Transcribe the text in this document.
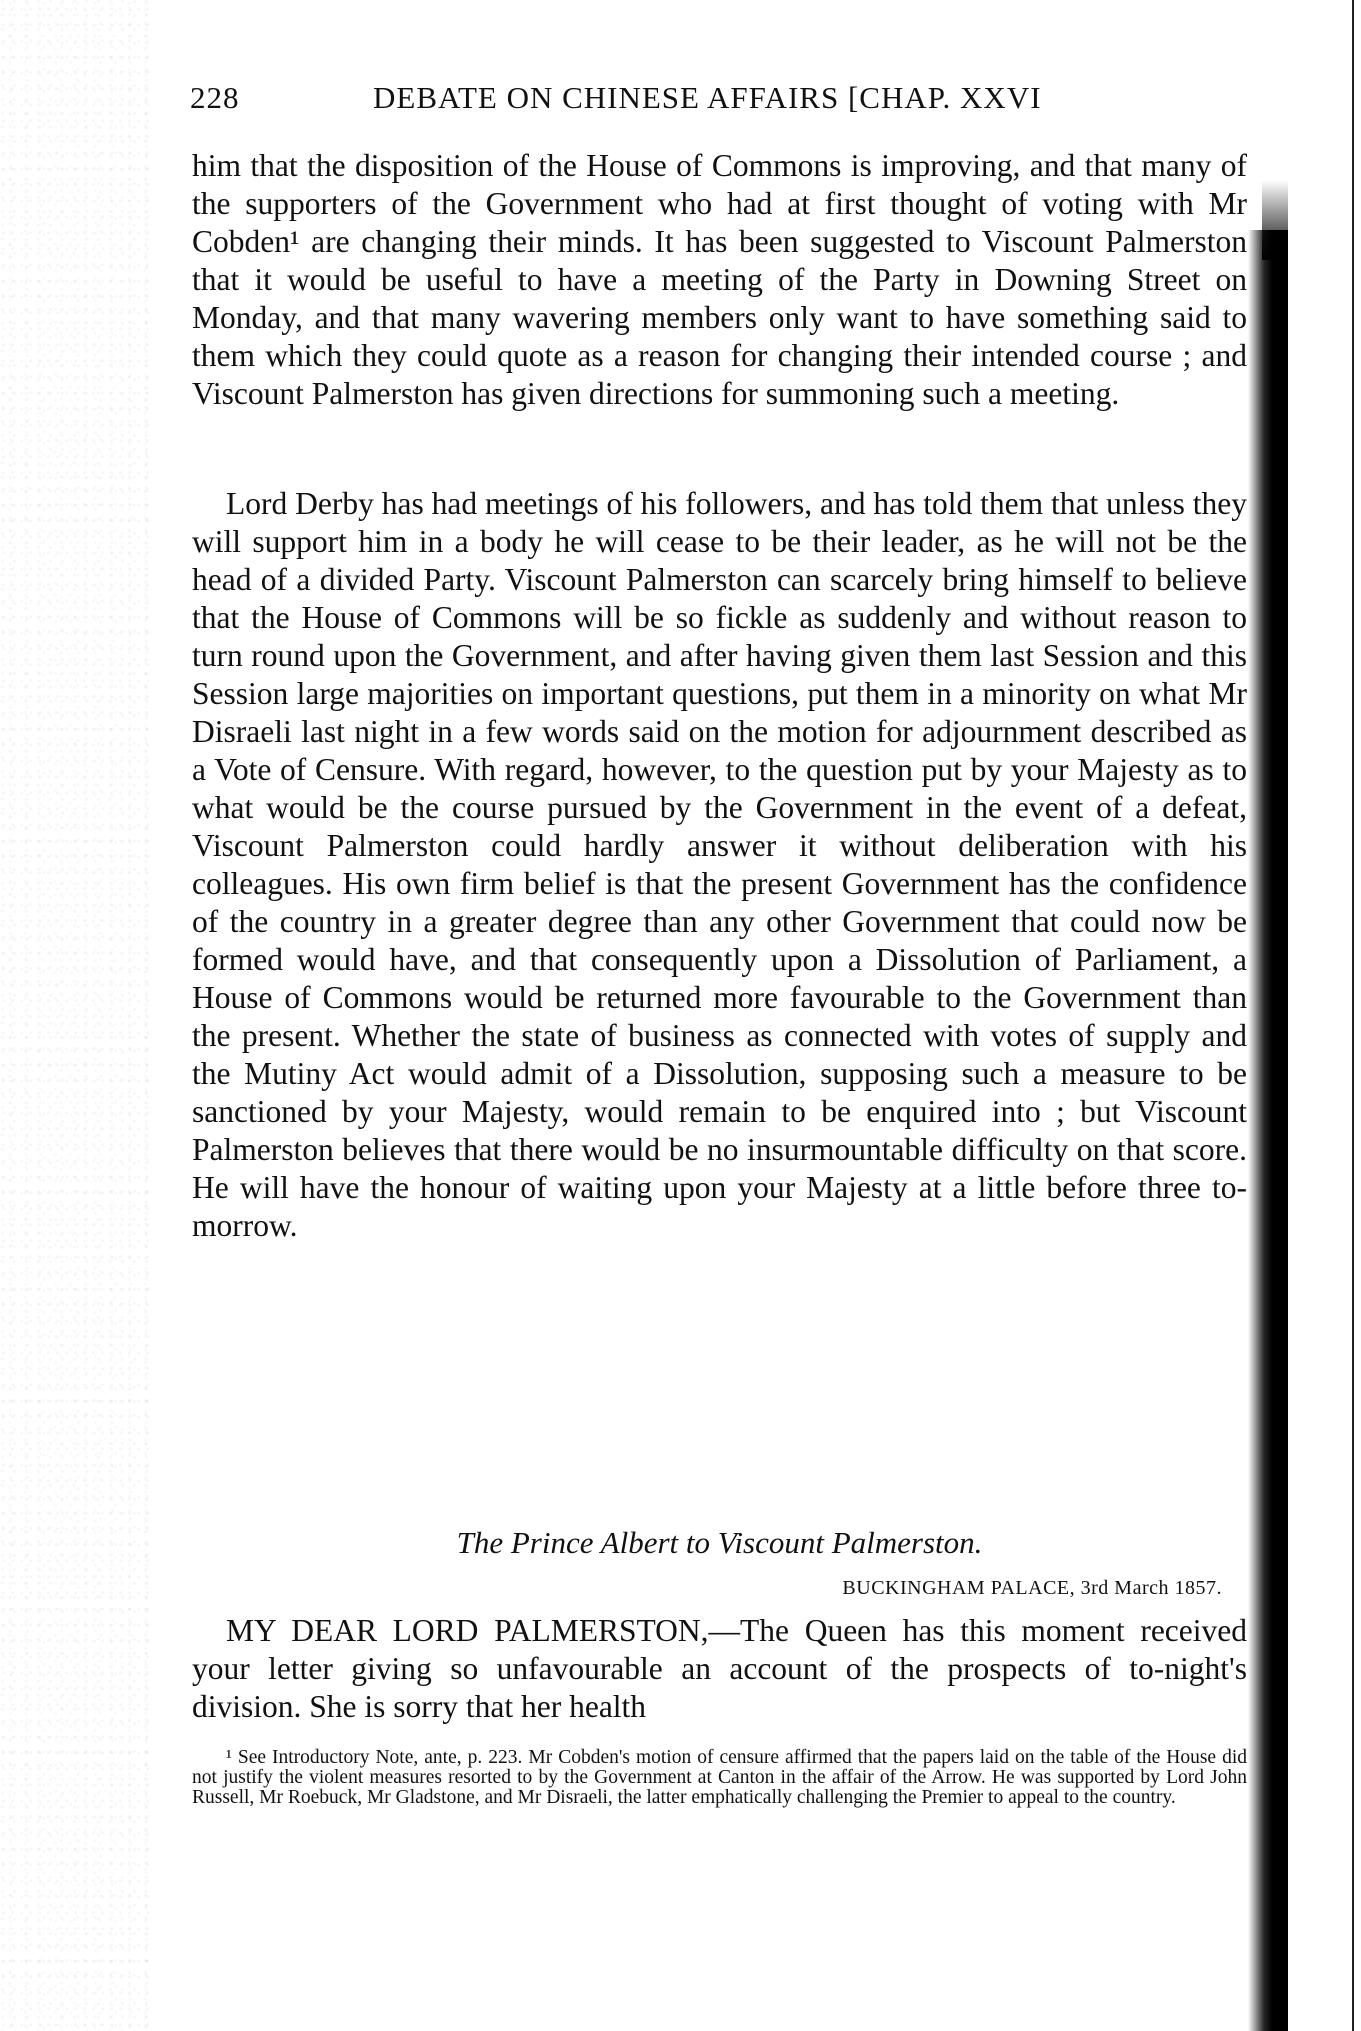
228	DEBATE ON CHINESE AFFAIRS [CHAP. XXVI

him that the disposition of the House of Commons is improving, and that many of the supporters of the Government who had at first thought of voting with Mr Cobden¹ are changing their minds. It has been suggested to Viscount Palmerston that it would be useful to have a meeting of the Party in Downing Street on Monday, and that many wavering members only want to have something said to them which they could quote as a reason for changing their intended course ; and Viscount Palmerston has given directions for summoning such a meeting.

Lord Derby has had meetings of his followers, and has told them that unless they will support him in a body he will cease to be their leader, as he will not be the head of a divided Party. Viscount Palmerston can scarcely bring himself to believe that the House of Commons will be so fickle as suddenly and without reason to turn round upon the Government, and after having given them last Session and this Session large majorities on important questions, put them in a minority on what Mr Disraeli last night in a few words said on the motion for adjournment described as a Vote of Censure. With regard, however, to the question put by your Majesty as to what would be the course pursued by the Government in the event of a defeat, Viscount Palmerston could hardly answer it without deliberation with his colleagues. His own firm belief is that the present Government has the confidence of the country in a greater degree than any other Government that could now be formed would have, and that consequently upon a Dissolution of Parliament, a House of Commons would be returned more favourable to the Government than the present. Whether the state of business as connected with votes of supply and the Mutiny Act would admit of a Dissolution, supposing such a measure to be sanctioned by your Majesty, would remain to be enquired into ; but Viscount Palmerston believes that there would be no insurmountable difficulty on that score. He will have the honour of waiting upon your Majesty at a little before three to-morrow.

The Prince Albert to Viscount Palmerston.
BUCKINGHAM PALACE, 3rd March 1857.

MY DEAR LORD PALMERSTON,—The Queen has this moment received your letter giving so unfavourable an account of the prospects of to-night's division. She is sorry that her health

¹ See Introductory Note, ante, p. 223. Mr Cobden's motion of censure affirmed that the papers laid on the table of the House did not justify the violent measures resorted to by the Government at Canton in the affair of the Arrow. He was supported by Lord John Russell, Mr Roebuck, Mr Gladstone, and Mr Disraeli, the latter emphatically challenging the Premier to appeal to the country.
